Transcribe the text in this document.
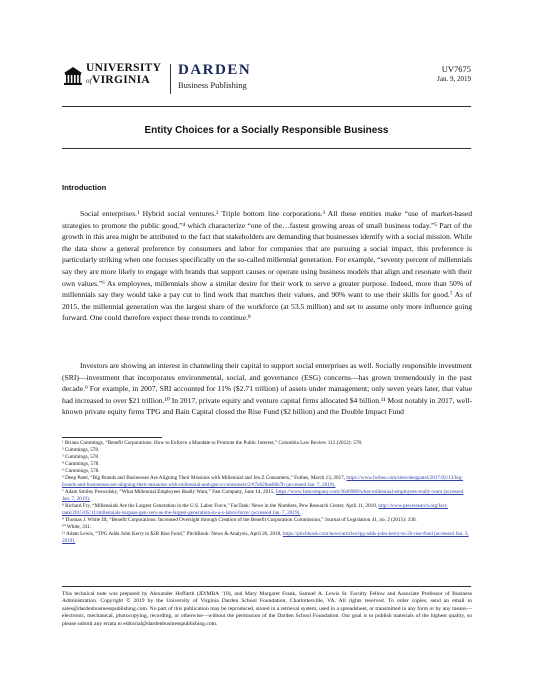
UNIVERSITY
ofVIRGINIA
DARDEN
Business Publishing
UV7675
Jan. 9, 2019
Entity Choices for a Socially Responsible Business
Introduction

Social enterprises.¹ Hybrid social ventures.² Triple bottom line corporations.³ All these entities make “use of market-based strategies to promote the public good,”⁴ which characterize “one of the…fastest growing areas of small business today.”⁵ Part of the growth in this area might be attributed to the fact that stakeholders are demanding that businesses identify with a social mission. While the data show a general preference by consumers and labor for companies that are pursuing a social impact, this preference is particularly striking when one focuses specifically on the so-called millennial generation. For example, “seventy percent of millennials say they are more likely to engage with brands that support causes or operate using business models that align and resonate with their own values.”⁶ As employees, millennials show a similar desire for their work to serve a greater purpose. Indeed, more than 50% of millennials say they would take a pay cut to find work that matches their values, and 90% want to use their skills for good.⁷ As of 2015, the millennial generation was the largest share of the workforce (at 53.5 million) and set to assume only more influence going forward. One could therefore expect these trends to continue.⁸

Investors are showing an interest in channeling their capital to support social enterprises as well. Socially responsible investment (SRI)—investment that incorporates environmental, social, and governance (ESG) concerns—has grown tremendously in the past decade.⁹ For example, in 2007, SRI accounted for 11% ($2.71 trillion) of assets under management; only seven years later, that value had increased to over $21 trillion.¹⁰ In 2017, private equity and venture capital firms allocated $4 billion.¹¹ Most notably in 2017, well-known private equity firms TPG and Bain Capital closed the Rise Fund ($2 billion) and the Double Impact Fund

¹ Briana Cummings, “Benefit Corporations: How to Enforce a Mandate to Promote the Public Interest,” Columbia Law Review 112 (2012): 578.

² Cummings, 578.

³ Cummings, 578.

⁴ Cummings, 578.

⁵ Cummings, 578.

⁶ Deep Patel, “Big Brands and Businesses Are Aligning Their Missions with Millennial and Jen Z Consumers,” Forbes, March 13, 2017, https://www.forbes.com/sites/deeppatel/2017/03/13/big-brands-and-businesses-are-aligning-their-missions-with-millennial-and-gen-z-consumers/2/#7e628ae66b7b (accessed Jan. 7, 2019).

⁷ Adam Smiley Poswolsky, “What Millennial Employees Really Want,” Fast Company, June 14, 2015, https://www.fastcompany.com/3046989/what-millennial-employees-really-want (accessed Jan. 7, 2019).

⁸ Richard Fry, “Millennials Are the Largest Generation in the U.S. Labor Force,” FacTank: News in the Numbers, Pew Research Center, April 11, 2018, http://www.pewresearch.org/fact-tank/2015/05/11/millennials-surpass-gen-xers-as-the-largest-generation-in-u-s-labor-force/ (accessed Jan. 7, 2019).

⁹ Thomas J. White III, “Benefit Corporations: Increased Oversight through Creation of the Benefit Corporation Commission,” Journal of Legislation 41, no. 2 (2015): 330.

¹⁰ White, 331.

¹¹ Adam Lewis, “TPG Adds John Kerry to $2B Rise Fund,” PitchBook: News & Analysis, April 26, 2018, https://pitchbook.com/news/articles/tpg-adds-john-kerry-to-2b-rise-fund (accessed Jan. 3, 2019).

This technical note was prepared by Alexander Hoffarth (JD/MBA ’18), and Mary Margaret Frank, Samuel A. Lewis Sr. Faculty Fellow and Associate Professor of Business Administration. Copyright © 2019 by the University of Virginia Darden School Foundation, Charlottesville, VA. All rights reserved. To order copies, send an email to sales@dardenbusinesspublishing.com. No part of this publication may be reproduced, stored in a retrieval system, used in a spreadsheet, or transmitted in any form or by any means—electronic, mechanical, photocopying, recording, or otherwise—without the permission of the Darden School Foundation. Our goal is to publish materials of the highest quality, so please submit any errata to editorial@dardenbusinesspublishing.com.
